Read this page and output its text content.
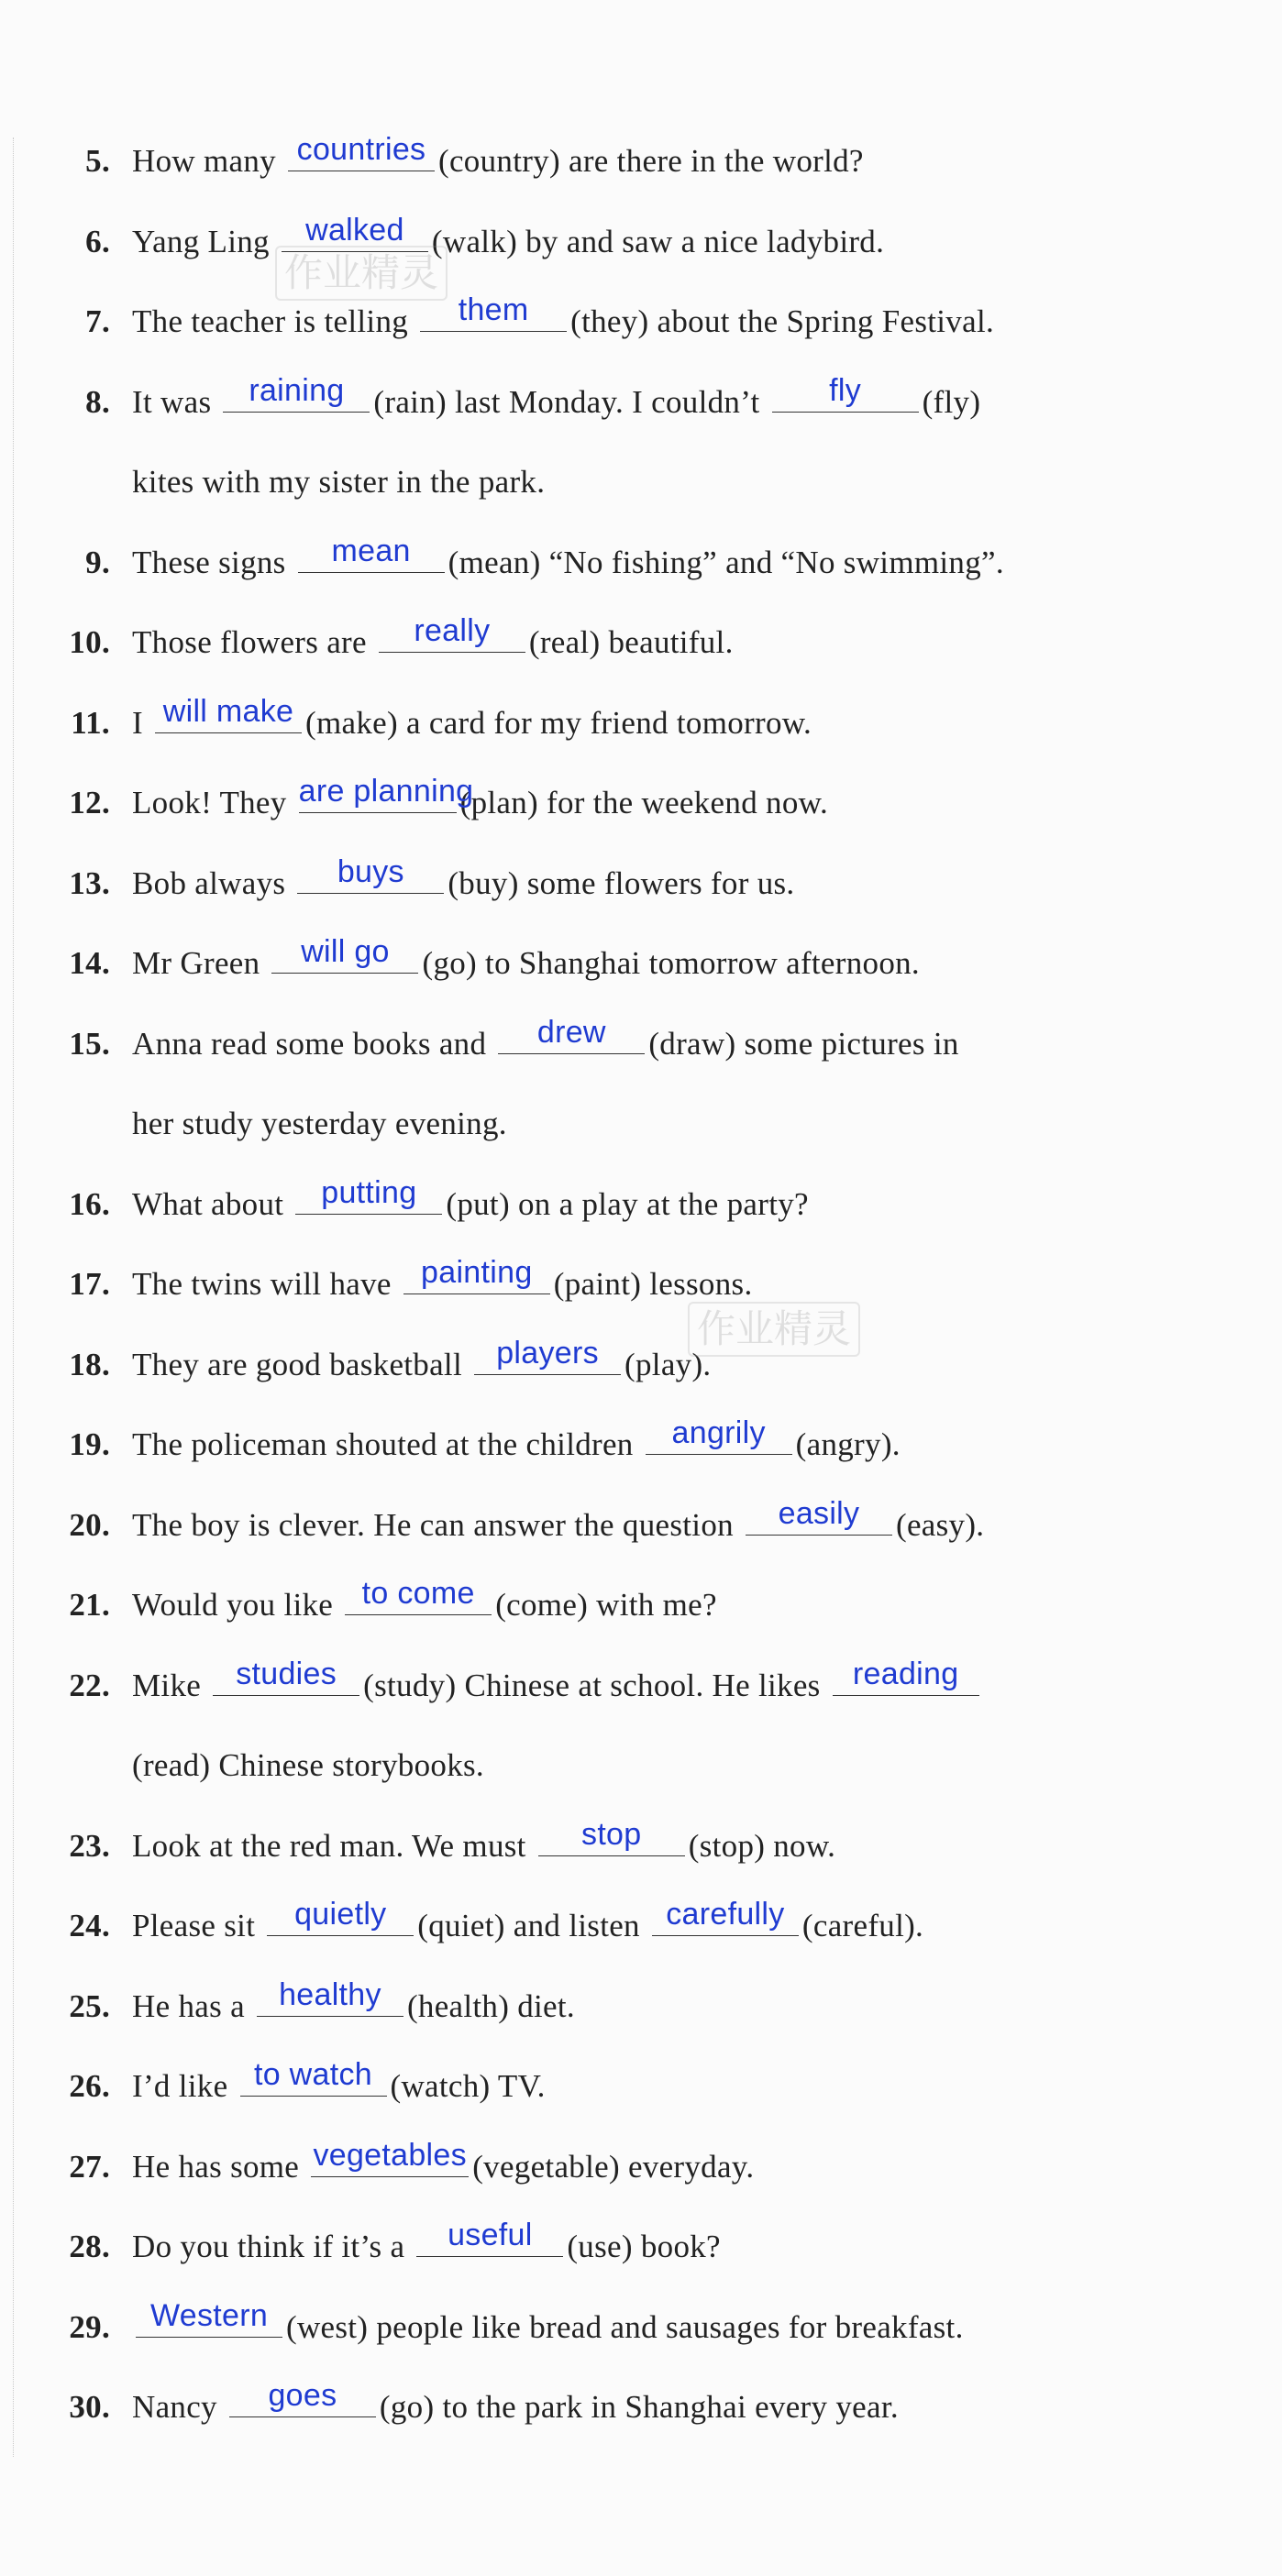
5. How many countries (country) are there in the world?
6. Yang Ling walked (walk) by and saw a nice ladybird.
7. The teacher is telling	them	(they) about the Spring Festival.
8. It was raining (rain) last Monday. I couldn’t	fly	(fly)
kites with my sister in the park.
9. These signs	mean	(mean) “No fishing” and “No swimming”.
10. Those flowers are	really	(real) beautiful.
11. I will make (make) a card for my friend tomorrow.
12. Look! They are planning
(plan) for the weekend now.
13. Bob always	buys	(buy) some flowers for us.
14. Mr Green	will go	(go) to Shanghai tomorrow afternoon.
15. Anna read some books and	drew	(draw) some pictures in
her study yesterday evening.
16. What about putting (put) on a play at the party?
17. The twins will have painting (paint) lessons.
18. They are good basketball players (play).
19. The policeman shouted at the children angrily (angry).
20. The boy is clever. He can answer the question	easily	(easy).
21. Would you like to come (come) with me?
22. Mike studies (study) Chinese at school. He likes reading
(read) Chinese storybooks.
23. Look at the red man. We must	stop	(stop) now.
24. Please sit quietly (quiet) and listen carefully (careful).
25. He has a healthy (health) diet.
26. I’d like to watch (watch) TV.
27. He has some vegetables (vegetable) everyday.
28. Do you think if it’s a	useful	(use) book?
29.	Western (west) people like bread and sausages for breakfast.
30. Nancy	goes	(go) to the park in Shanghai every year.
作业精灵
作业精灵
